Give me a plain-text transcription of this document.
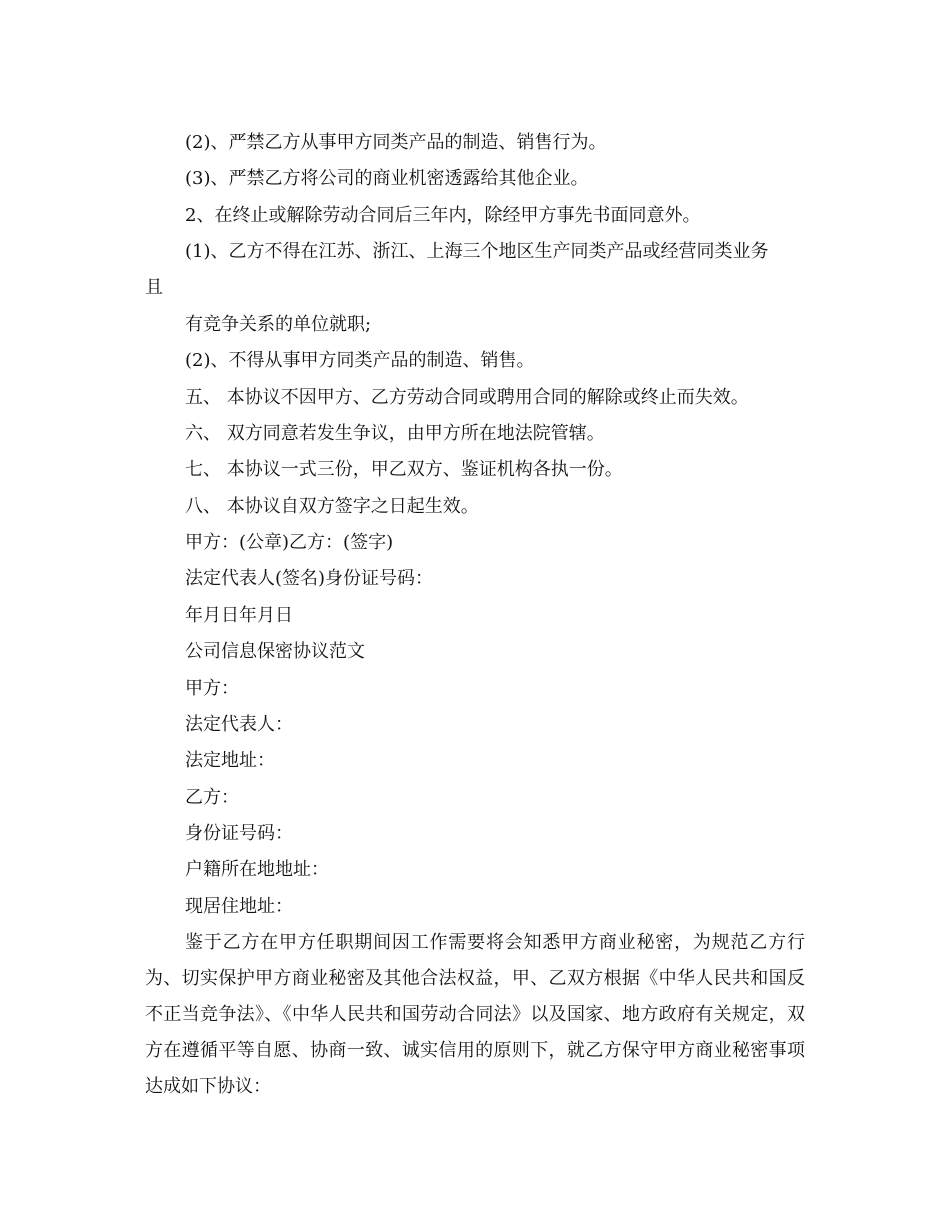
(2)、严禁乙方从事甲方同类产品的制造、销售行为。
(3)、严禁乙方将公司的商业机密透露给其他企业。
2、在终止或解除劳动合同后三年内，除经甲方事先书面同意外。
(1)、乙方不得在江苏、浙江、上海三个地区生产同类产品或经营同类业务
且
有竞争关系的单位就职;
(2)、不得从事甲方同类产品的制造、销售。
五、 本协议不因甲方、乙方劳动合同或聘用合同的解除或终止而失效。
六、 双方同意若发生争议，由甲方所在地法院管辖。
七、 本协议一式三份，甲乙双方、鉴证机构各执一份。
八、 本协议自双方签字之日起生效。
甲方：(公章)乙方：(签字)
法定代表人(签名)身份证号码：
年月日年月日
公司信息保密协议范文
甲方：
法定代表人：
法定地址：
乙方：
身份证号码：
户籍所在地地址：
现居住地址：
鉴于乙方在甲方任职期间因工作需要将会知悉甲方商业秘密，为规范乙方行为、切实保护甲方商业秘密及其他合法权益，甲、乙双方根据《中华人民共和国反不正当竞争法》、《中华人民共和国劳动合同法》以及国家、地方政府有关规定，双方在遵循平等自愿、协商一致、诚实信用的原则下，就乙方保守甲方商业秘密事项达成如下协议：
